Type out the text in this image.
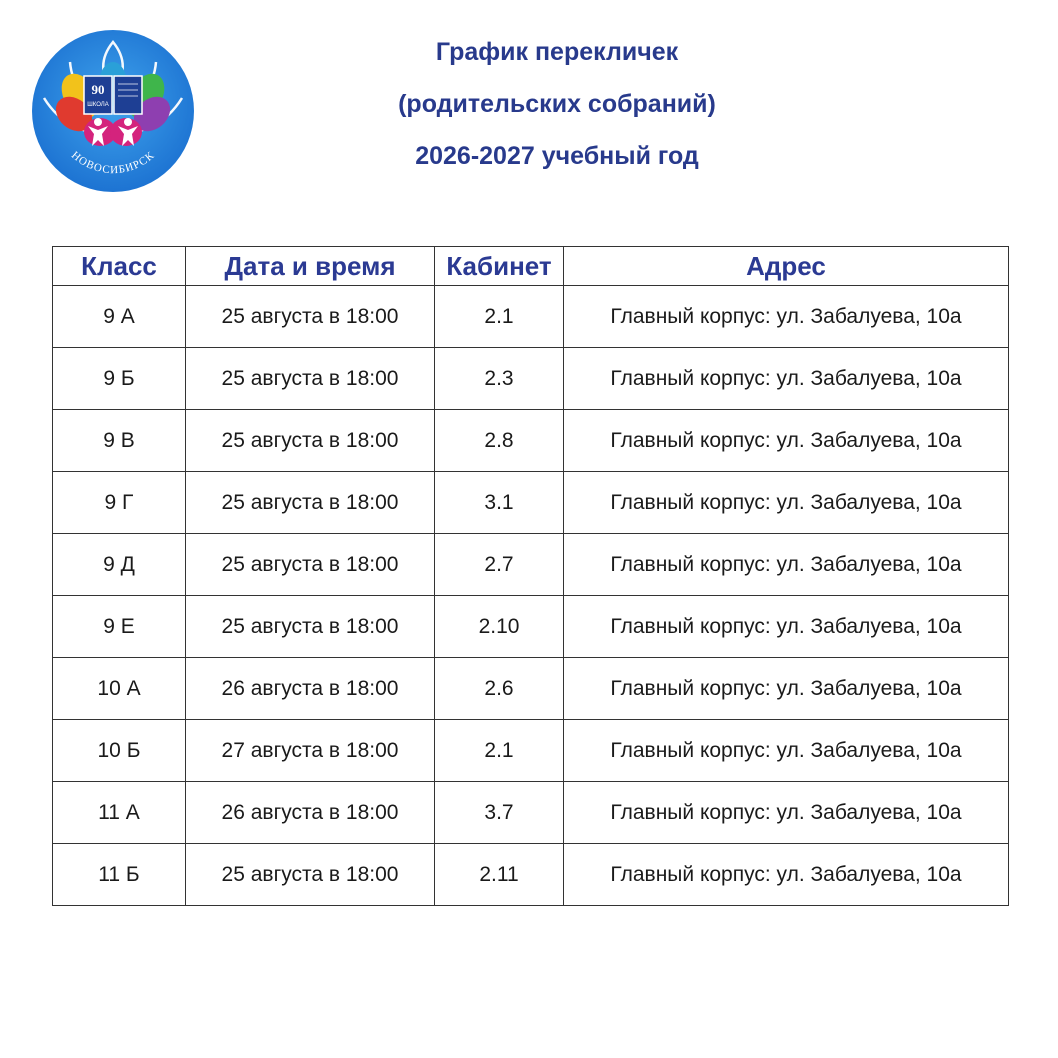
90
ШКОЛА
НОВОСИБИРСК
График перекличек
(родительских собраний)
2026-2027 учебный год
Класс	Дата и время	Кабинет	Адрес
9 А	25 августа в 18:00	2.1	Главный корпус: ул. Забалуева, 10а
9 Б	25 августа в 18:00	2.3	Главный корпус: ул. Забалуева, 10а
9 В	25 августа в 18:00	2.8	Главный корпус: ул. Забалуева, 10а
9 Г	25 августа в 18:00	3.1	Главный корпус: ул. Забалуева, 10а
9 Д	25 августа в 18:00	2.7	Главный корпус: ул. Забалуева, 10а
9 Е	25 августа в 18:00	2.10	Главный корпус: ул. Забалуева, 10а
10 А	26 августа в 18:00	2.6	Главный корпус: ул. Забалуева, 10а
10 Б	27 августа в 18:00	2.1	Главный корпус: ул. Забалуева, 10а
11 А	26 августа в 18:00	3.7	Главный корпус: ул. Забалуева, 10а
11 Б	25 августа в 18:00	2.11	Главный корпус: ул. Забалуева, 10а
